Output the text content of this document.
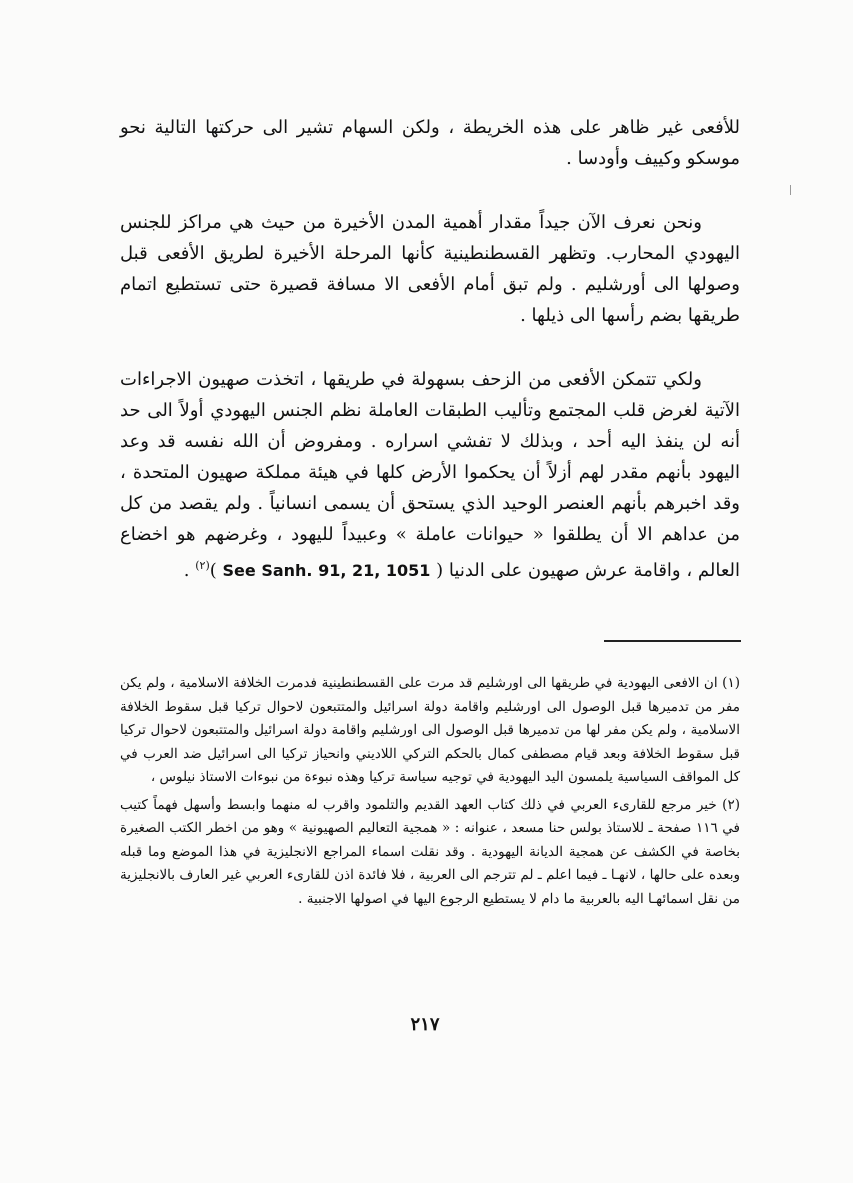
للأفعى غير ظاهر على هذه الخريطة ، ولكن السهام تشير الى حركتها التالية نحو موسكو وكييف وأودسا .

ونحن نعرف الآن جيداً مقدار أهمية المدن الأخيرة من حيث هي مراكز للجنس اليهودي المحارب. وتظهر القسطنطينية كأنها المرحلة الأخيرة لطريق الأفعى قبل وصولها الى أورشليم . ولم تبق أمام الأفعى الا مسافة قصيرة حتى تستطيع اتمام طريقها بضم رأسها الى ذيلها .

ولكي تتمكن الأفعى من الزحف بسهولة في طريقها ، اتخذت صهيون الاجراءات الآتية لغرض قلب المجتمع وتأليب الطبقات العاملة نظم الجنس اليهودي أولاً الى حد أنه لن ينفذ اليه أحد ، وبذلك لا تفشي اسراره . ومفروض أن الله نفسه قد وعد اليهود بأنهم مقدر لهم أزلاً أن يحكموا الأرض كلها في هيئة مملكة صهيون المتحدة ، وقد اخبرهم بأنهم العنصر الوحيد الذي يستحق أن يسمى انسانياً . ولم يقصد من كل من عداهم الا أن يطلقوا « حيوانات عاملة » وعبيداً لليهود ، وغرضهم هو اخضاع العالم ، واقامة عرش صهيون على الدنيا ( See Sanh. 91, 21, 1051 )$^{(٢)}$ .

(١) ان الافعى اليهودية في طريقها الى اورشليم قد مرت على القسطنطينية فدمرت الخلافة الاسلامية ، ولم يكن مفر من تدميرها قبل الوصول الى اورشليم واقامة دولة اسرائيل والمتتبعون لاحوال تركيا قبل سقوط الخلافة الاسلامية ، ولم يكن مفر لها من تدميرها قبل الوصول الى اورشليم واقامة دولة اسرائيل والمتتبعون لاحوال تركيا قبل سقوط الخلافة وبعد قيام مصطفى كمال بالحكم التركي اللاديني وانحياز تركيا الى اسرائيل ضد العرب في كل المواقف السياسية يلمسون اليد اليهودية في توجيه سياسة تركيا وهذه نبوءة من نبوءات الاستاذ نيلوس ،

(٢) خير مرجع للقارىء العربي في ذلك كتاب العهد القديم والتلمود واقرب له منهما وابسط وأسهل فهماً كتيب في ١١٦ صفحة ـ للاستاذ بولس حنا مسعد ، عنوانه : « همجية التعاليم الصهيونية » وهو من اخطر الكتب الصغيرة بخاصة في الكشف عن همجية الديانة اليهودية . وقد نقلت اسماء المراجع الانجليزية في هذا الموضع وما قبله وبعده على حالها ، لانهـا ـ فيما اعلم ـ لم تترجم الى العربية ، فلا فائدة اذن للقارىء العربي غير العارف بالانجليزية من نقل اسمائهـا اليه بالعربية ما دام لا يستطيع الرجوع اليها في اصولها الاجنبية .

٢١٧
